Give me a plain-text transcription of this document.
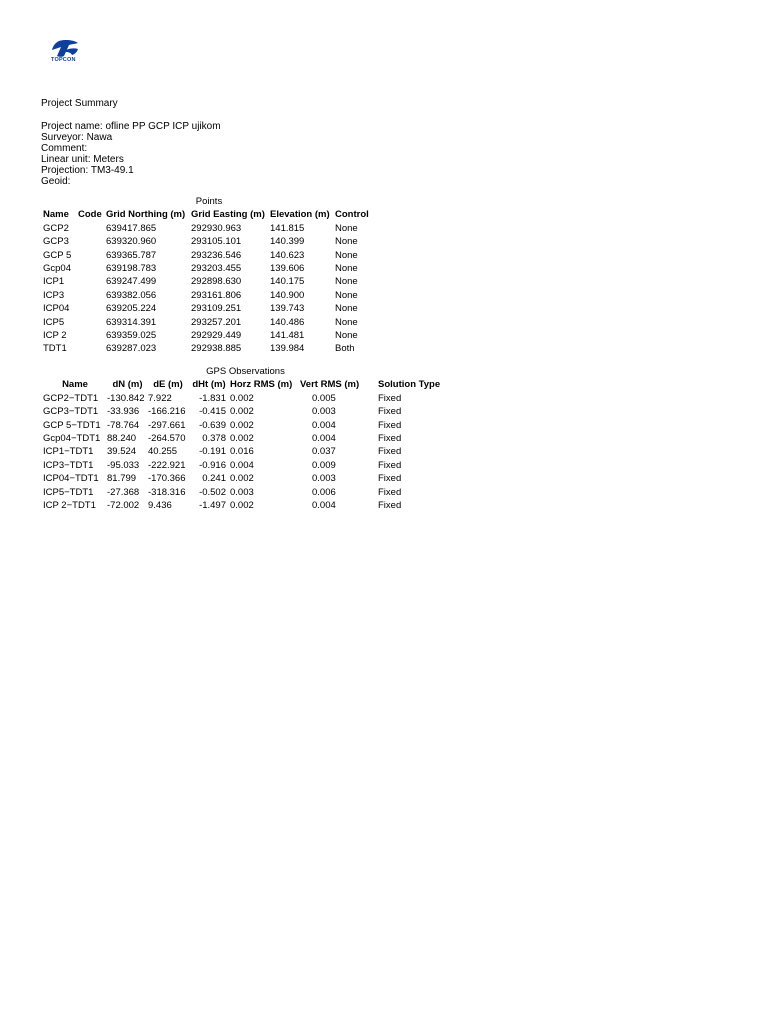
TOPCON
Project Summary
Project name: ofline PP GCP ICP ujikom
Surveyor: Nawa
Comment:
Linear unit: Meters
Projection: TM3-49.1
Geoid:
Points					
Name	Code	Grid Northing (m)	Grid Easting (m)	Elevation (m)	Control
GCP2		639417.865	292930.963	141.815	None
GCP3		639320.960	293105.101	140.399	None
GCP 5		639365.787	293236.546	140.623	None
Gcp04		639198.783	293203.455	139.606	None
ICP1		639247.499	292898.630	140.175	None
ICP3		639382.056	293161.806	140.900	None
ICP04		639205.224	293109.251	139.743	None
ICP5		639314.391	293257.201	140.486	None
ICP 2		639359.025	292929.449	141.481	None
TDT1		639287.023	292938.885	139.984	Both
GPS Observations						
Name	dN (m)	dE (m)	dHt (m)	Horz RMS (m)	Vert RMS (m)	Solution Type
GCP2−TDT1	-130.842	7.922	-1.831	0.002	0.005	Fixed
GCP3−TDT1	-33.936	-166.216	-0.415	0.002	0.003	Fixed
GCP 5−TDT1	-78.764	-297.661	-0.639	0.002	0.004	Fixed
Gcp04−TDT1	88.240	-264.570	0.378	0.002	0.004	Fixed
ICP1−TDT1	39.524	40.255	-0.191	0.016	0.037	Fixed
ICP3−TDT1	-95.033	-222.921	-0.916	0.004	0.009	Fixed
ICP04−TDT1	81.799	-170.366	0.241	0.002	0.003	Fixed
ICP5−TDT1	-27.368	-318.316	-0.502	0.003	0.006	Fixed
ICP 2−TDT1	-72.002	9.436	-1.497	0.002	0.004	Fixed
